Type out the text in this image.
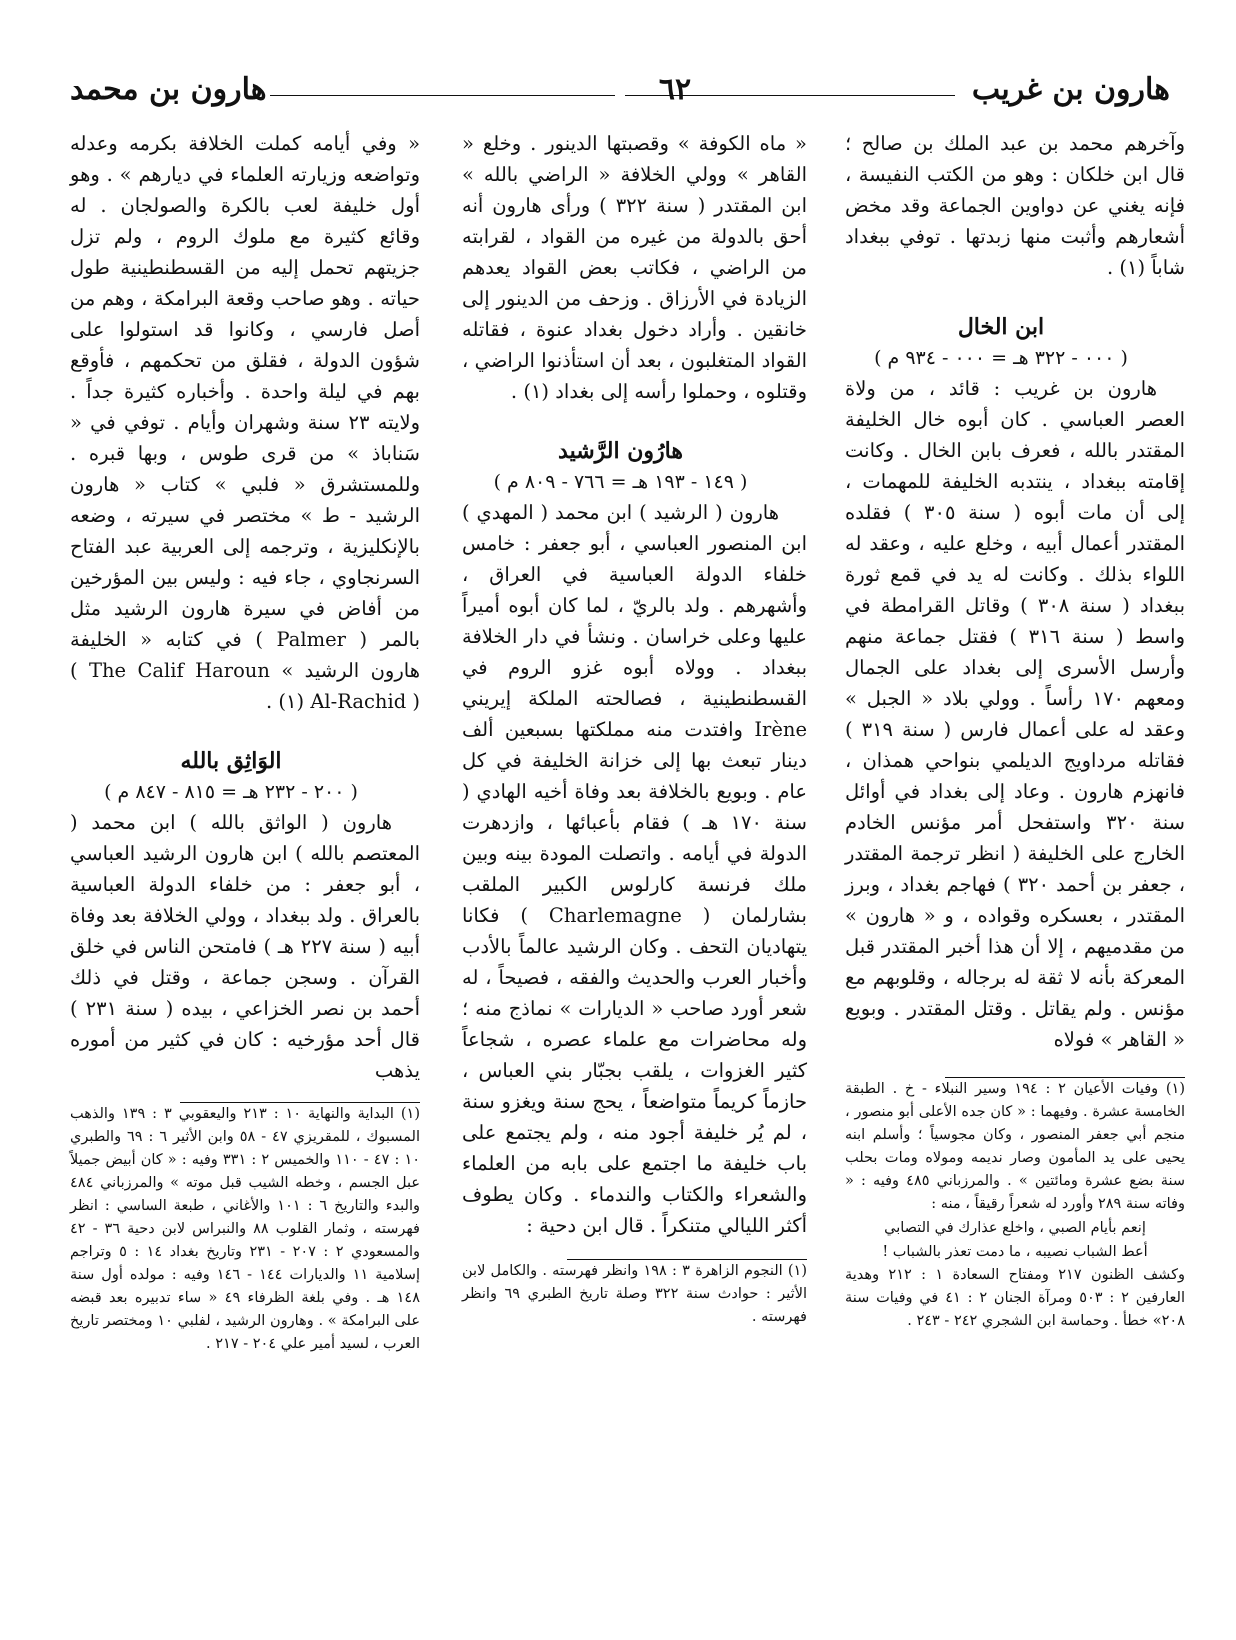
هارون بن غريب
٦٢
هارون بن محمد

وآخرهم محمد بن عبد الملك بن صالح ؛ قال ابن خلكان : وهو من الكتب النفيسة ، فإنه يغني عن دواوين الجماعة وقد مخض أشعارهم وأثبت منها زبدتها . توفي ببغداد شاباً (١) .

ابن الخال

( ٠٠٠ - ٣٢٢ هـ = ٠٠٠ - ٩٣٤ م )

هارون بن غريب : قائد ، من ولاة العصر العباسي . كان أبوه خال الخليفة المقتدر بالله ، فعرف بابن الخال . وكانت إقامته ببغداد ، ينتدبه الخليفة للمهمات ، إلى أن مات أبوه ( سنة ٣٠٥ ) فقلده المقتدر أعمال أبيه ، وخلع عليه ، وعقد له اللواء بذلك . وكانت له يد في قمع ثورة ببغداد ( سنة ٣٠٨ ) وقاتل القرامطة في واسط ( سنة ٣١٦ ) فقتل جماعة منهم وأرسل الأسرى إلى بغداد على الجمال ومعهم ١٧٠ رأساً . وولي بلاد « الجبل » وعقد له على أعمال فارس ( سنة ٣١٩ ) فقاتله مرداويج الديلمي بنواحي همذان ، فانهزم هارون . وعاد إلى بغداد في أوائل سنة ٣٢٠ واستفحل أمر مؤنس الخادم الخارج على الخليفة ( انظر ترجمة المقتدر ، جعفر بن أحمد ٣٢٠ ) فهاجم بغداد ، وبرز المقتدر ، بعسكره وقواده ، و « هارون » من مقدميهم ، إلا أن هذا أخبر المقتدر قبل المعركة بأنه لا ثقة له برجاله ، وقلوبهم مع مؤنس . ولم يقاتل . وقتل المقتدر . وبويع « القاهر » فولاه

(١) وفيات الأعيان ٢ : ١٩٤ وسير النبلاء - خ . الطبقة الخامسة عشرة . وفيهما : « كان جده الأعلى أبو منصور ، منجم أبي جعفر المنصور ، وكان مجوسياً ؛ وأسلم ابنه يحيى على يد المأمون وصار نديمه ومولاه ومات بحلب سنة بضع عشرة ومائتين » . والمرزباني ٤٨٥ وفيه : « وفاته سنة ٢٨٩ وأورد له شعراً رقيقاً ، منه :

إنعم بأيام الصبي ، واخلع عذارك في التصابي
أعط الشباب نصيبه ، ما دمت تعذر بالشباب !

وكشف الظنون ٢١٧ ومفتاح السعادة ١ : ٢١٢ وهدية العارفين ٢ : ٥٠٣ ومرآة الجنان ٢ : ٤١ في وفيات سنة ٢٠٨» خطأ . وحماسة ابن الشجري ٢٤٢ - ٢٤٣ .

« ماه الكوفة » وقصبتها الدينور . وخلع « القاهر » وولي الخلافة « الراضي بالله » ابن المقتدر ( سنة ٣٢٢ ) ورأى هارون أنه أحق بالدولة من غيره من القواد ، لقرابته من الراضي ، فكاتب بعض القواد يعدهم الزيادة في الأرزاق . وزحف من الدينور إلى خانقين . وأراد دخول بغداد عنوة ، فقاتله القواد المتغلبون ، بعد أن استأذنوا الراضي ، وقتلوه ، وحملوا رأسه إلى بغداد (١) .

هارُون الرَّشيد

( ١٤٩ - ١٩٣ هـ = ٧٦٦ - ٨٠٩ م )

هارون ( الرشيد ) ابن محمد ( المهدي ) ابن المنصور العباسي ، أبو جعفر : خامس خلفاء الدولة العباسية في العراق ، وأشهرهم . ولد بالريّ ، لما كان أبوه أميراً عليها وعلى خراسان . ونشأ في دار الخلافة ببغداد . وولاه أبوه غزو الروم في القسطنطينية ، فصالحته الملكة إيريني Irène وافتدت منه مملكتها بسبعين ألف دينار تبعث بها إلى خزانة الخليفة في كل عام . وبويع بالخلافة بعد وفاة أخيه الهادي ( سنة ١٧٠ هـ ) فقام بأعبائها ، وازدهرت الدولة في أيامه . واتصلت المودة بينه وبين ملك فرنسة كارلوس الكبير الملقب بشارلمان ( Charlemagne ) فكانا يتهاديان التحف . وكان الرشيد عالماً بالأدب وأخبار العرب والحديث والفقه ، فصيحاً ، له شعر أورد صاحب « الديارات » نماذج منه ؛ وله محاضرات مع علماء عصره ، شجاعاً كثير الغزوات ، يلقب بجبّار بني العباس ، حازماً كريماً متواضعاً ، يحج سنة ويغزو سنة ، لم يُر خليفة أجود منه ، ولم يجتمع على باب خليفة ما اجتمع على بابه من العلماء والشعراء والكتاب والندماء . وكان يطوف أكثر الليالي متنكراً . قال ابن دحية :

(١) النجوم الزاهرة ٣ : ١٩٨ وانظر فهرسته . والكامل لابن الأثير : حوادث سنة ٣٢٢ وصلة تاريخ الطبري ٦٩ وانظر فهرسته .

« وفي أيامه كملت الخلافة بكرمه وعدله وتواضعه وزيارته العلماء في ديارهم » . وهو أول خليفة لعب بالكرة والصولجان . له وقائع كثيرة مع ملوك الروم ، ولم تزل جزيتهم تحمل إليه من القسطنطينية طول حياته . وهو صاحب وقعة البرامكة ، وهم من أصل فارسي ، وكانوا قد استولوا على شؤون الدولة ، فقلق من تحكمهم ، فأوقع بهم في ليلة واحدة . وأخباره كثيرة جداً . ولايته ٢٣ سنة وشهران وأيام . توفي في « سَناباذ » من قرى طوس ، وبها قبره . وللمستشرق « فلبي » كتاب « هارون الرشيد - ط » مختصر في سيرته ، وضعه بالإنكليزية ، وترجمه إلى العربية عبد الفتاح السرنجاوي ، جاء فيه : وليس بين المؤرخين من أفاض في سيرة هارون الرشيد مثل بالمر ( Palmer ) في كتابه « الخليفة هارون الرشيد » ( The Calif Haroun Al-Rachid ) (١) .

الوَاثِق بالله

( ٢٠٠ - ٢٣٢ هـ = ٨١٥ - ٨٤٧ م )

هارون ( الواثق بالله ) ابن محمد ( المعتصم بالله ) ابن هارون الرشيد العباسي ، أبو جعفر : من خلفاء الدولة العباسية بالعراق . ولد ببغداد ، وولي الخلافة بعد وفاة أبيه ( سنة ٢٢٧ هـ ) فامتحن الناس في خلق القرآن . وسجن جماعة ، وقتل في ذلك أحمد بن نصر الخزاعي ، بيده ( سنة ٢٣١ ) قال أحد مؤرخيه : كان في كثير من أموره يذهب

(١) البداية والنهاية ١٠ : ٢١٣ واليعقوبي ٣ : ١٣٩ والذهب المسبوك ، للمقريزي ٤٧ - ٥٨ وابن الأثير ٦ : ٦٩ والطبري ١٠ : ٤٧ - ١١٠ والخميس ٢ : ٣٣١ وفيه : « كان أبيض جميلاً عبل الجسم ، وخطه الشيب قبل موته » والمرزباني ٤٨٤ والبدء والتاريخ ٦ : ١٠١ والأغاني ، طبعة الساسي : انظر فهرسته ، وثمار القلوب ٨٨ والنبراس لابن دحية ٣٦ - ٤٢ والمسعودي ٢ : ٢٠٧ - ٢٣١ وتاريخ بغداد ١٤ : ٥ وتراجم إسلامية ١١ والديارات ١٤٤ - ١٤٦ وفيه : مولده أول سنة ١٤٨ هـ . وفي بلغة الظرفاء ٤٩ « ساء تدبيره بعد قبضه على البرامكة » . وهارون الرشيد ، لفلبي ١٠ ومختصر تاريخ العرب ، لسيد أمير علي ٢٠٤ - ٢١٧ .
